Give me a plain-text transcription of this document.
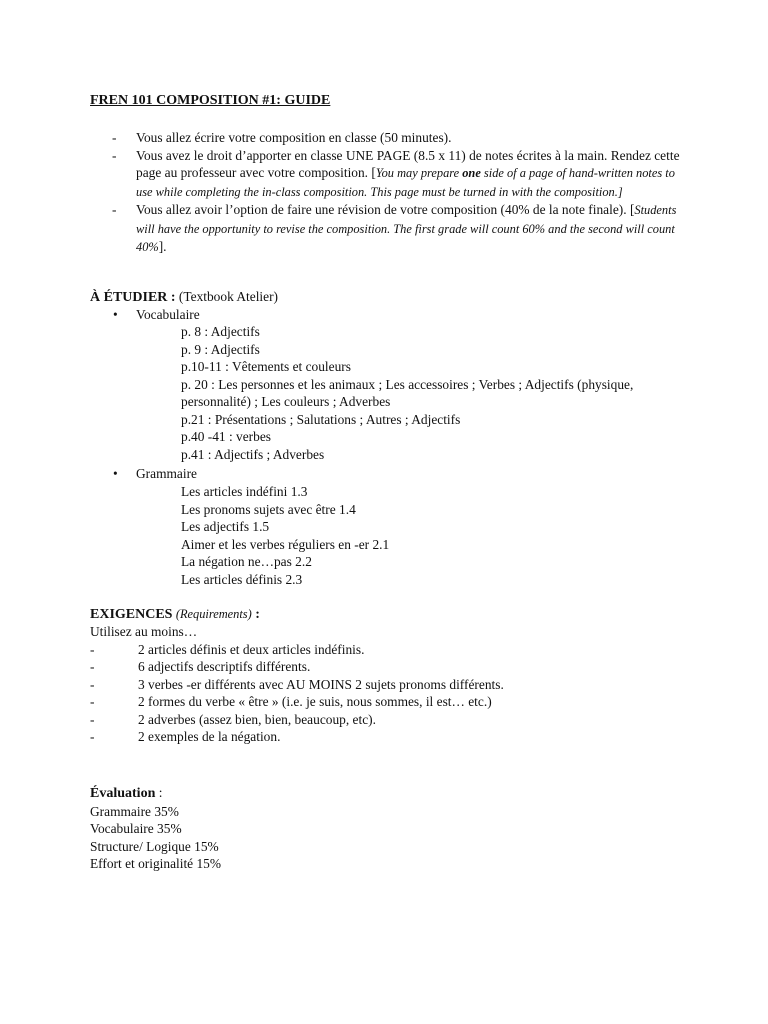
FREN 101 COMPOSITION #1: GUIDE
- Vous allez écrire votre composition en classe (50 minutes).
- Vous avez le droit d’apporter en classe UNE PAGE (8.5 x 11) de notes écrites à la main. Rendez cette page au professeur avec votre composition. [You may prepare one side of a page of hand-written notes to use while completing the in-class composition. This page must be turned in with the composition.]
- Vous allez avoir l’option de faire une révision de votre composition (40% de la note finale). [Students will have the opportunity to revise the composition. The first grade will count 60% and the second will count 40%].
À ÉTUDIER : (Textbook Atelier)
• Vocabulaire
p. 8 : Adjectifs
p. 9 : Adjectifs
p.10-11 : Vêtements et couleurs
p. 20 : Les personnes et les animaux ; Les accessoires ; Verbes ; Adjectifs (physique, personnalité) ; Les couleurs ; Adverbes
p.21 : Présentations ; Salutations ; Autres ; Adjectifs
p.40 -41 : verbes
p.41 : Adjectifs ; Adverbes
• Grammaire
Les articles indéfini 1.3
Les pronoms sujets avec être 1.4
Les adjectifs 1.5
Aimer et les verbes réguliers en -er 2.1
La négation ne…pas 2.2
Les articles définis 2.3
EXIGENCES (Requirements) :
Utilisez au moins…
-	2 articles définis et deux articles indéfinis.
-	6 adjectifs descriptifs différents.
-	3 verbes -er différents avec AU MOINS 2 sujets pronoms différents.
-	2 formes du verbe « être » (i.e. je suis, nous sommes, il est… etc.)
-	2 adverbes (assez bien, bien, beaucoup, etc).
-	2 exemples de la négation.
Évaluation :
Grammaire 35%
Vocabulaire 35%
Structure/ Logique 15%
Effort et originalité 15%
